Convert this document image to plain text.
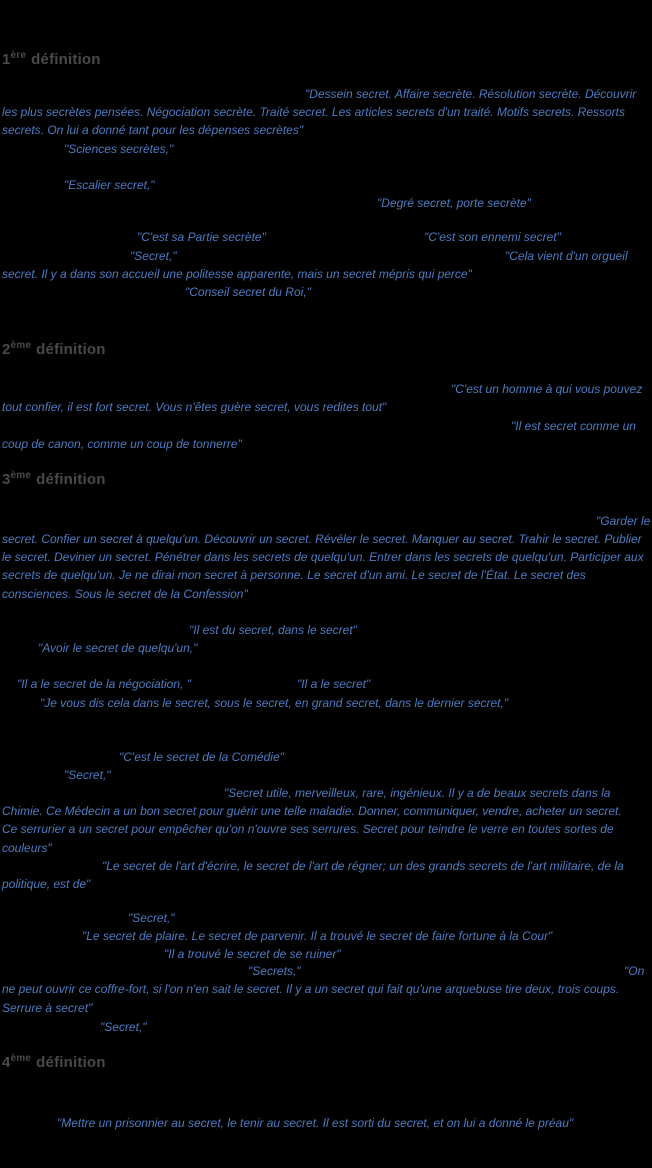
1ère définition
"Dessein secret. Affaire secrète. Résolution secrète. Découvrir
les plus secrètes pensées. Négociation secrète. Traité secret. Les articles secrets d'un traité. Motifs secrets. Ressorts
secrets. On lui a donné tant pour les dépenses secrètes"
"Sciences secrètes,"
"Escalier secret,"
"Degré secret, porte secrète"
"C'est sa Partie secrète"	"C'est son ennemi secret"
"Secret,"	"Cela vient d'un orgueil
secret. Il y a dans son accueil une politesse apparente, mais un secret mépris qui perce"
"Conseil secret du Roi,"
2ème définition
"C'est un homme à qui vous pouvez
tout confier, il est fort secret. Vous n'êtes guère secret, vous redites tout"
"Il est secret comme un
coup de canon, comme un coup de tonnerre"
3ème définition
"Garder le
secret. Confier un secret à quelqu'un. Découvrir un secret. Révéler le secret. Manquer au secret. Trahir le secret. Publier
le secret. Deviner un secret. Pénétrer dans les secrets de quelqu'un. Entrer dans les secrets de quelqu'un. Participer aux
secrets de quelqu'un. Je ne dirai mon secret à personne. Le secret d'un ami. Le secret de l'État. Le secret des
consciences. Sous le secret de la Confession"
"Il est du secret, dans le secret"
"Avoir le secret de quelqu'un,"
"Il a le secret de la négociation, "	"Il a le secret"
"Je vous dis cela dans le secret, sous le secret, en grand secret, dans le dernier secret,"
"C'est le secret de la Comédie"
"Secret,"
"Secret utile, merveilleux, rare, ingénieux. Il y a de beaux secrets dans la
Chimie. Ce Médecin a un bon secret pour guérir une telle maladie. Donner, communiquer, vendre, acheter un secret.
Ce serrurier a un secret pour empêcher qu'on n'ouvre ses serrures. Secret pour teindre le verre en toutes sortes de
couleurs"
"Le secret de l'art d'écrire, le secret de l'art de régner; un des grands secrets de l'art militaire, de la
politique, est de"
"Secret,"
"Le secret de plaire. Le secret de parvenir. Il a trouvé le secret de faire fortune à la Cour"
"Il a trouvé le secret de se ruiner"
"Secrets,"	"On
ne peut ouvrir ce coffre-fort, si l'on n'en sait le secret. Il y a un secret qui fait qu'une arquebuse tire deux, trois coups.
Serrure à secret"
"Secret,"
4ème définition
"Mettre un prisonnier au secret, le tenir au secret. Il est sorti du secret, et on lui a donné le préau"
